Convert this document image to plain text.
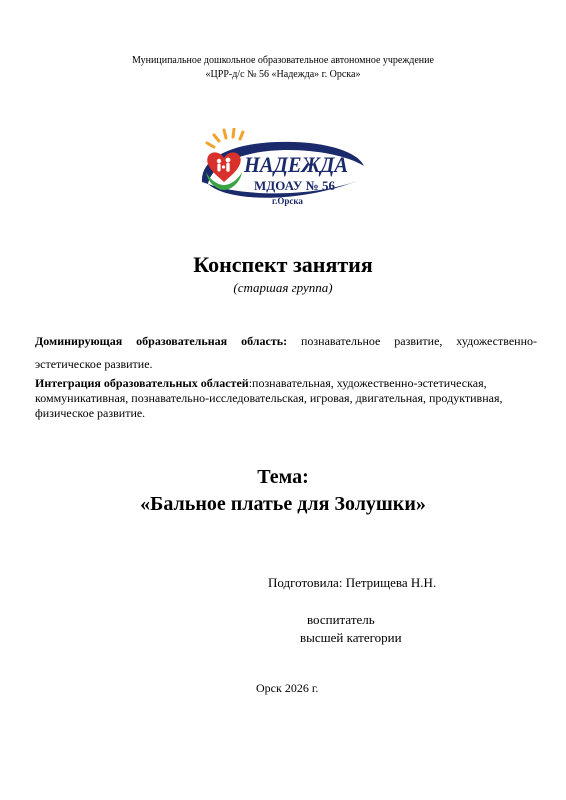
Муниципальное дошкольное образовательное автономное учреждение
«ЦРР-д/с № 56 «Надежда» г. Орска»
НАДЕЖДА
МДОАУ № 56
г.Орска
Конспект занятия
(старшая группа)
Доминирующая образовательная область: познавательное развитие, художественно-эстетическое развитие.
Интеграция образовательных областей:познавательная, художественно-эстетическая, коммуникативная, познавательно-исследовательская, игровая, двигательная, продуктивная, физическое развитие.
Тема:
«Бальное платье для Золушки»
Подготовила: Петрищева Н.Н.
воспитатель
высшей категории
Орск 2026 г.
